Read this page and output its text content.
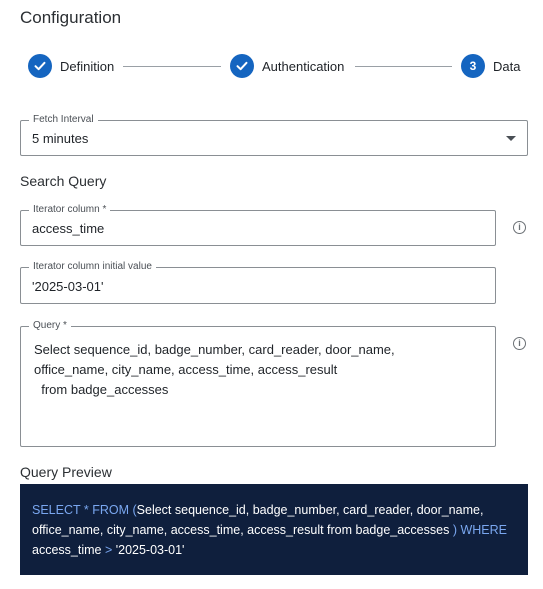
Configuration
Definition	Authentication	3	Data
Fetch Interval
5 minutes
Search Query
Iterator column *
access_time	i
Iterator column initial value
'2025-03-01'
Query *
Select sequence_id, badge_number, card_reader, door_name,
office_name, city_name, access_time, access_result
from badge_accesses
i
Query Preview
SELECT * FROM (Select sequence_id, badge_number, card_reader, door_name, office_name, city_name, access_time, access_result from badge_accesses ) WHERE access_time > '2025-03-01'
